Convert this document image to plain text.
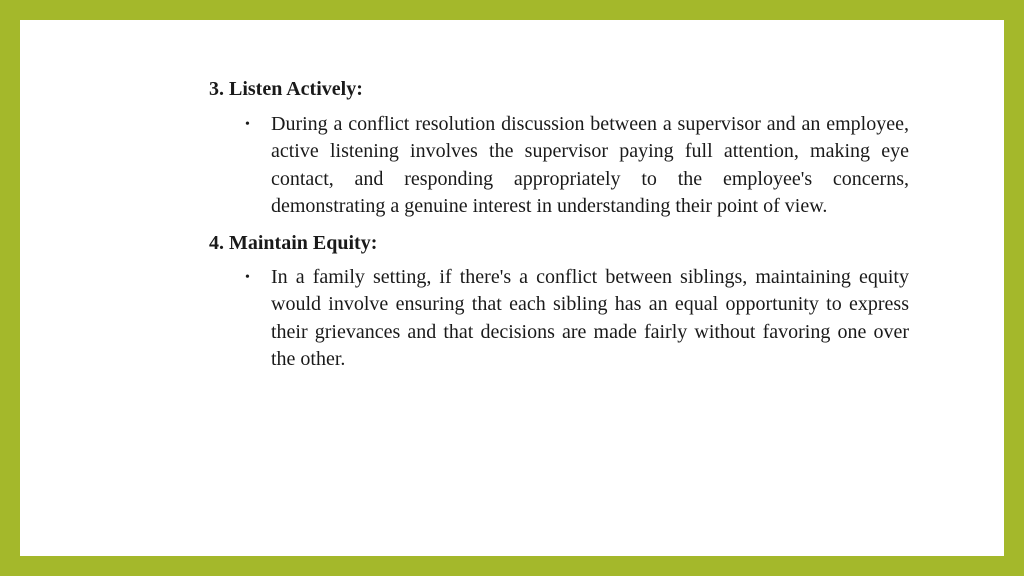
3. Listen Actively:

• During a conflict resolution discussion between a supervisor and an employee, active listening involves the supervisor paying full attention, making eye contact, and responding appropriately to the employee's concerns, demonstrating a genuine interest in understanding their point of view.

4. Maintain Equity:

• In a family setting, if there's a conflict between siblings, maintaining equity would involve ensuring that each sibling has an equal opportunity to express their grievances and that decisions are made fairly without favoring one over the other.
